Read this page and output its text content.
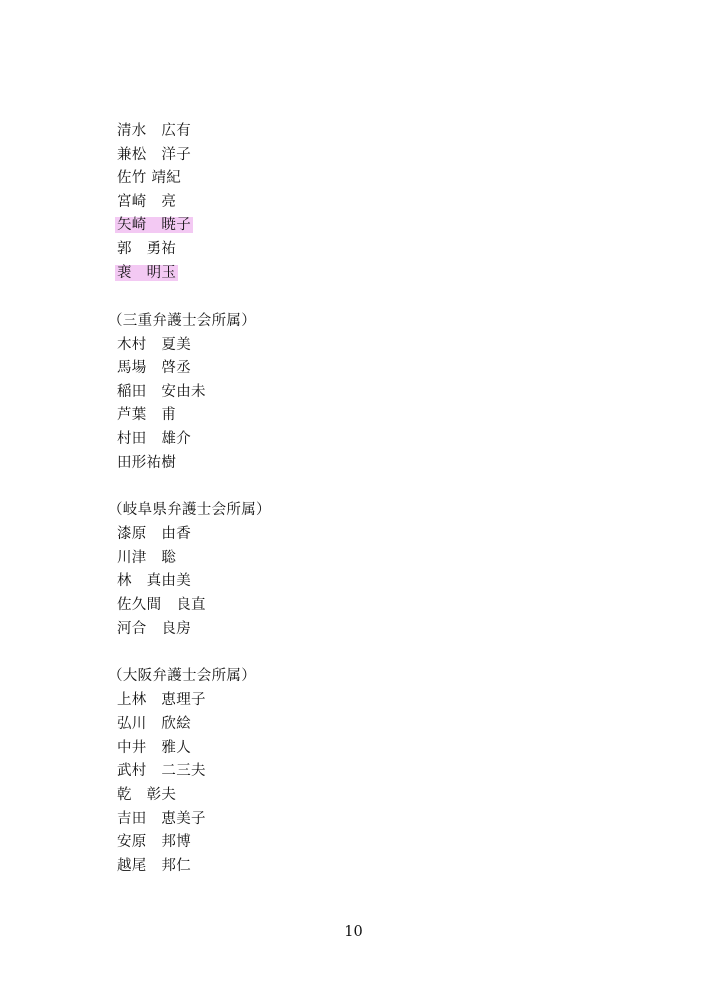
清水　広有
兼松　洋子
佐竹 靖紀
宮崎　亮
矢崎　暁子
郭　勇祐
裵　明玉
（三重弁護士会所属）
木村　夏美
馬場　啓丞
稲田　安由未
芦葉　甫
村田　雄介
田形祐樹
（岐阜県弁護士会所属）
漆原　由香
川津　聡
林　真由美
佐久間　良直
河合　良房
（大阪弁護士会所属）
上林　恵理子
弘川　欣絵
中井　雅人
武村　二三夫
乾　彰夫
吉田　恵美子
安原　邦博
越尾　邦仁
10
